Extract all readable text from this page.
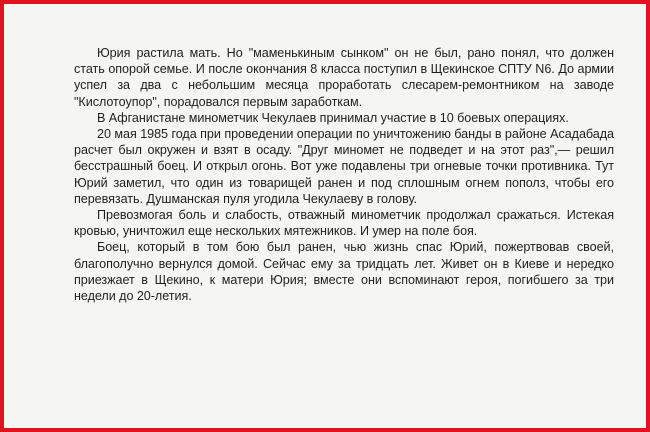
Юрия растила мать. Но "маменькиным сынком" он не был, рано понял, что должен стать опорой семье. И после окончания 8 класса поступил в Щекинское СПТУ N6. До армии успел за два с небольшим месяца проработать слесарем-ремонтником на заводе "Кислотоупор", порадовался первым заработкам.

В Афганистане минометчик Чекулаев принимал участие в 10 боевых операциях.

20 мая 1985 года при проведении операции по уничтожению банды в районе Асадабада расчет был окружен и взят в осаду. "Друг миномет не подведет и на этот раз",— решил бесстрашный боец. И открыл огонь. Вот уже подавлены три огневые точки противника. Тут Юрий заметил, что один из товарищей ранен и под сплошным огнем пополз, чтобы его перевязать. Душманская пуля угодила Чекулаеву в голову.

Превозмогая боль и слабость, отважный минометчик продолжал сражаться. Истекая кровью, уничтожил еще нескольких мятежников. И умер на поле боя.

Боец, который в том бою был ранен, чью жизнь спас Юрий, пожертвовав своей, благополучно вернулся домой. Сейчас ему за тридцать лет. Живет он в Киеве и нередко приезжает в Щекино, к матери Юрия; вместе они вспоминают героя, погибшего за три недели до 20-летия.
